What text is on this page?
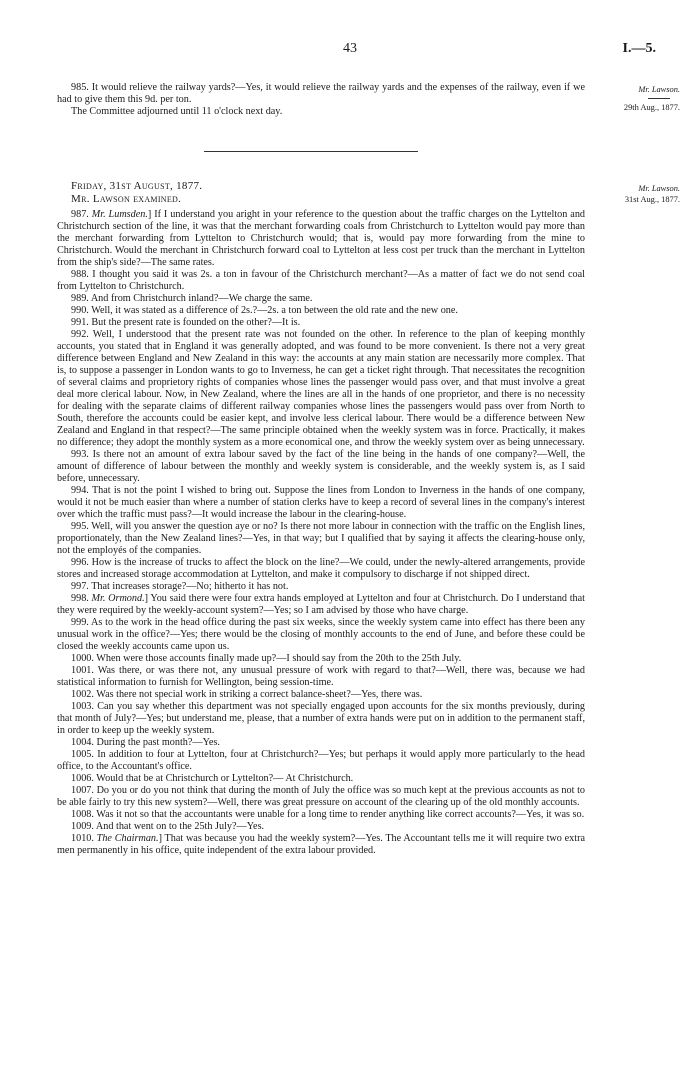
43	I.—5.

985. It would relieve the railway yards?—Yes, it would relieve the railway yards and the expenses of the railway, even if we had to give them this 9d. per ton.

The Committee adjourned until 11 o'clock next day.

Mr. Lawson.
29th Aug., 1877.
Mr. Lawson.
31st Aug., 1877.

Friday, 31st August, 1877.

Mr. Lawson examined.

987. Mr. Lumsden.] If I understand you aright in your reference to the question about the traffic charges on the Lyttelton and Christchurch section of the line, it was that the merchant forwarding coals from Christchurch to Lyttelton would pay more than the merchant forwarding from Lyttelton to Christchurch would; that is, would pay more forwarding from the mine to Christchurch. Would the merchant in Christchurch forward coal to Lyttelton at less cost per truck than the merchant in Lyttelton from the ship's side?—The same rates.

988. I thought you said it was 2s. a ton in favour of the Christchurch merchant?—As a matter of fact we do not send coal from Lyttelton to Christchurch.

989. And from Christchurch inland?—We charge the same.

990. Well, it was stated as a difference of 2s.?—2s. a ton between the old rate and the new one.

991. But the present rate is founded on the other?—It is.

992. Well, I understood that the present rate was not founded on the other. In reference to the plan of keeping monthly accounts, you stated that in England it was generally adopted, and was found to be more convenient. Is there not a very great difference between England and New Zealand in this way: the accounts at any main station are necessarily more complex. That is, to suppose a passenger in London wants to go to Inverness, he can get a ticket right through. That necessitates the recognition of several claims and proprietory rights of companies whose lines the passenger would pass over, and that must involve a great deal more clerical labour. Now, in New Zealand, where the lines are all in the hands of one proprietor, and there is no necessity for dealing with the separate claims of different railway companies whose lines the passengers would pass over from North to South, therefore the accounts could be easier kept, and involve less clerical labour. There would be a difference between New Zealand and England in that respect?—The same principle obtained when the weekly system was in force. Practically, it makes no difference; they adopt the monthly system as a more economical one, and throw the weekly system over as being unnecessary.

993. Is there not an amount of extra labour saved by the fact of the line being in the hands of one company?—Well, the amount of difference of labour between the monthly and weekly system is considerable, and the weekly system is, as I said before, unnecessary.

994. That is not the point I wished to bring out. Suppose the lines from London to Inverness in the hands of one company, would it not be much easier than where a number of station clerks have to keep a record of several lines in the company's interest over which the traffic must pass?—It would increase the labour in the clearing-house.

995. Well, will you answer the question aye or no? Is there not more labour in connection with the traffic on the English lines, proportionately, than the New Zealand lines?—Yes, in that way; but I qualified that by saying it affects the clearing-house only, not the employés of the companies.

996. How is the increase of trucks to affect the block on the line?—We could, under the newly-altered arrangements, provide stores and increased storage accommodation at Lyttelton, and make it compulsory to discharge if not shipped direct.

997. That increases storage?—No; hitherto it has not.

998. Mr. Ormond.] You said there were four extra hands employed at Lyttelton and four at Christchurch. Do I understand that they were required by the weekly-account system?—Yes; so I am advised by those who have charge.

999. As to the work in the head office during the past six weeks, since the weekly system came into effect has there been any unusual work in the office?—Yes; there would be the closing of monthly accounts to the end of June, and before these could be closed the weekly accounts came upon us.

1000. When were those accounts finally made up?—I should say from the 20th to the 25th July.

1001. Was there, or was there not, any unusual pressure of work with regard to that?—Well, there was, because we had statistical information to furnish for Wellington, being session-time.

1002. Was there not special work in striking a correct balance-sheet?—Yes, there was.

1003. Can you say whether this department was not specially engaged upon accounts for the six months previously, during that month of July?—Yes; but understand me, please, that a number of extra hands were put on in addition to the permanent staff, in order to keep up the weekly system.

1004. During the past month?—Yes.

1005. In addition to four at Lyttelton, four at Christchurch?—Yes; but perhaps it would apply more particularly to the head office, to the Accountant's office.

1006. Would that be at Christchurch or Lyttelton?— At Christchurch.

1007. Do you or do you not think that during the month of July the office was so much kept at the previous accounts as not to be able fairly to try this new system?—Well, there was great pressure on account of the clearing up of the old monthly accounts.

1008. Was it not so that the accountants were unable for a long time to render anything like correct accounts?—Yes, it was so.

1009. And that went on to the 25th July?—Yes.

1010. The Chairman.] That was because you had the weekly system?—Yes. The Accountant tells me it will require two extra men permanently in his office, quite independent of the extra labour provided.
